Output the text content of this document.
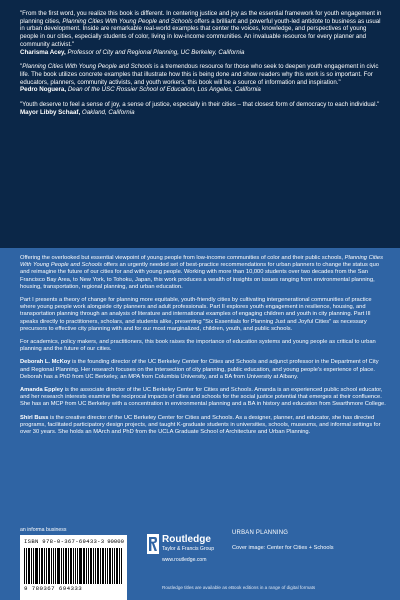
"From the first word, you realize this book is different. In centering justice and joy as the essential framework for youth engagement in planning cities, Planning Cities With Young People and Schools offers a brilliant and powerful youth-led antidote to business as usual in urban development. Inside are remarkable real-world examples that center the voices, knowledge, and perspectives of young people in our cities, especially students of color, living in low-income communities. An invaluable resource for every planner and community activist."
Charisma Acey, Professor of City and Regional Planning, UC Berkeley, California
"Planning Cities With Young People and Schools is a tremendous resource for those who seek to deepen youth engagement in civic life. The book utilizes concrete examples that illustrate how this is being done and show readers why this work is so important. For educators, planners, community activists, and youth workers, this book will be a source of information and inspiration."
Pedro Noguera, Dean of the USC Rossier School of Education, Los Angeles, California
"Youth deserve to feel a sense of joy, a sense of justice, especially in their cities – that closest form of democracy to each individual."
Mayor Libby Schaaf, Oakland, California

Offering the overlooked but essential viewpoint of young people from low-income communities of color and their public schools, Planning Cities With Young People and Schools offers an urgently needed set of best-practice recommendations for urban planners to change the status quo and reimagine the future of our cities for and with young people. Working with more than 10,000 students over two decades from the San Francisco Bay Area, to New York, to Tohoku, Japan, this work produces a wealth of insights on issues ranging from environmental planning, housing, transportation, regional planning, and urban education.

Part I presents a theory of change for planning more equitable, youth-friendly cities by cultivating intergenerational communities of practice where young people work alongside city planners and adult professionals. Part II explores youth engagement in resilience, housing, and transportation planning through an analysis of literature and international examples of engaging children and youth in city planning. Part III speaks directly to practitioners, scholars, and students alike, presenting "Six Essentials for Planning Just and Joyful Cities" as necessary precursors to effective city planning with and for our most marginalized, children, youth, and public schools.

For academics, policy makers, and practitioners, this book raises the importance of education systems and young people as critical to urban planning and the future of our cities.

Deborah L. McKoy is the founding director of the UC Berkeley Center for Cities and Schools and adjunct professor in the Department of City and Regional Planning. Her research focuses on the intersection of city planning, public education, and young people's experience of place. Deborah has a PhD from UC Berkeley, an MPA from Columbia University, and a BA from University at Albany.

Amanda Eppley is the associate director of the UC Berkeley Center for Cities and Schools. Amanda is an experienced public school educator, and her research interests examine the reciprocal impacts of cities and schools for the social justice potential that emerges at their confluence. She has an MCP from UC Berkeley with a concentration in environmental planning and a BA in history and education from Swarthmore College.

Shirl Buss is the creative director of the UC Berkeley Center for Cities and Schools. As a designer, planner, and educator, she has directed programs, facilitated participatory design projects, and taught K-graduate students in universities, schools, museums, and informal settings for over 30 years. She holds an MArch and PhD from the UCLA Graduate School of Architecture and Urban Planning.

an informa business
ISBN 978-0-367-69433-3 90000
9 780367 694333
Routledge
Taylor & Francis Group
www.routledge.com
URBAN PLANNING
Cover image: Center for Cities + Schools
Routledge titles are available as eBook editions in a range of digital formats
